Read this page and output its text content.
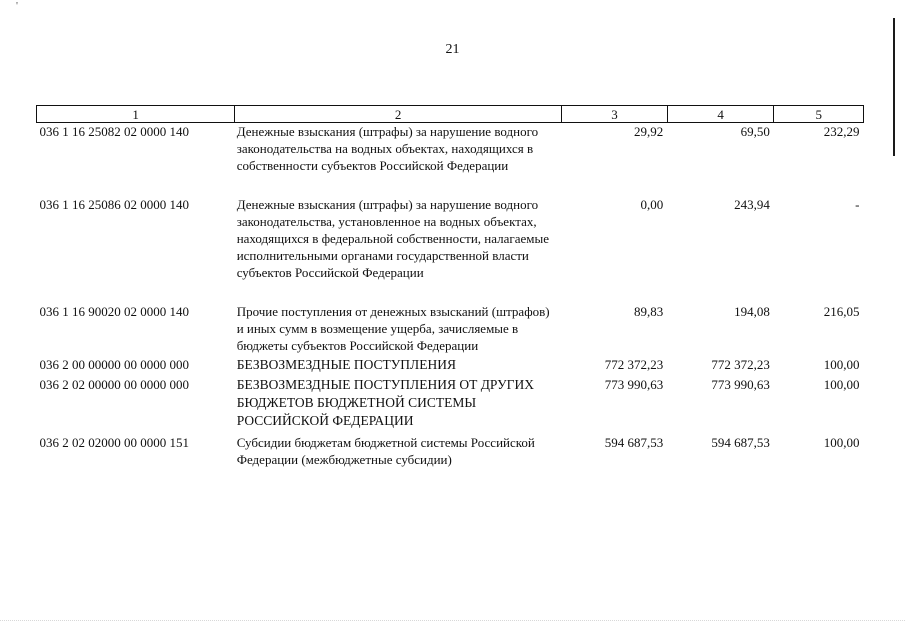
'
21
1	2	3	4	5
036 1 16 25082 02 0000 140	Денежные взыскания (штрафы) за нарушение водного законодательства на водных объектах, находящихся в собственности субъектов Российской Федерации	29,92	69,50	232,29
036 1 16 25086 02 0000 140	Денежные взыскания (штрафы) за нарушение водного законодательства, установленное на водных объектах, находящихся в федеральной собственности, налагаемые исполнительными органами государственной власти субъектов Российской Федерации	0,00	243,94	-
036 1 16 90020 02 0000 140	Прочие поступления от денежных взысканий (штрафов) и иных сумм в возмещение ущерба, зачисляемые в бюджеты субъектов Российской Федерации	89,83	194,08	216,05
036 2 00 00000 00 0000 000	БЕЗВОЗМЕЗДНЫЕ ПОСТУПЛЕНИЯ	772 372,23	772 372,23	100,00
036 2 02 00000 00 0000 000	БЕЗВОЗМЕЗДНЫЕ ПОСТУПЛЕНИЯ ОТ ДРУГИХ БЮДЖЕТОВ БЮДЖЕТНОЙ СИСТЕМЫ РОССИЙСКОЙ ФЕДЕРАЦИИ	773 990,63	773 990,63	100,00
036 2 02 02000 00 0000 151	Субсидии бюджетам бюджетной системы Российской Федерации (межбюджетные субсидии)	594 687,53	594 687,53	100,00
